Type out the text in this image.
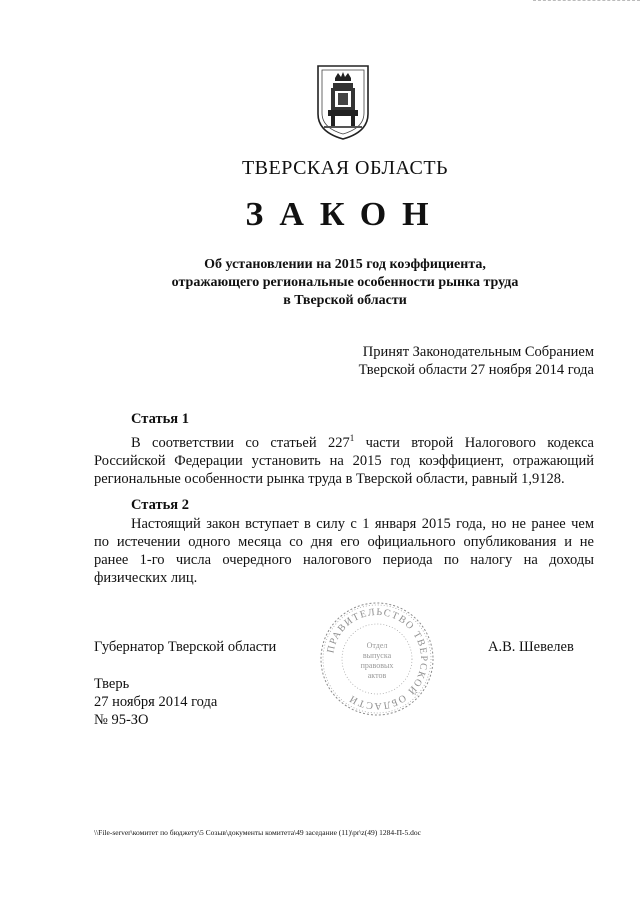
ТВЕРСКАЯ ОБЛАСТЬ
ЗАКОН
Об установлении на 2015 год коэффициента,
отражающего региональные особенности рынка труда
в Тверской области
Принят Законодательным Собранием
Тверской области 27 ноября 2014 года
Статья 1
В соответствии со статьей $227^1$ части второй Налогового кодекса
Российской Федерации установить на 2015 год коэффициент, отражающий
региональные особенности рынка труда в Тверской области, равный 1,9128.
Статья 2
Настоящий закон вступает в силу с 1 января 2015 года, но не ранее чем
по истечении одного месяца со дня его официального опубликования и не
ранее 1-го числа очередного налогового периода по налогу на доходы
физических лиц.
Губернатор Тверской области	А.В. Шевелев
ПРАВИТЕЛЬСТВО ТВЕРСКОЙ ОБЛАСТИ
Отдел
выпуска
правовых
актов
Тверь
27 ноября 2014 года
№ 95-ЗО
\\File-server\комитет по бюджету\5 Созыв\документы комитета\49 заседание (11)\pr\z(49) 1284-П-5.doc
